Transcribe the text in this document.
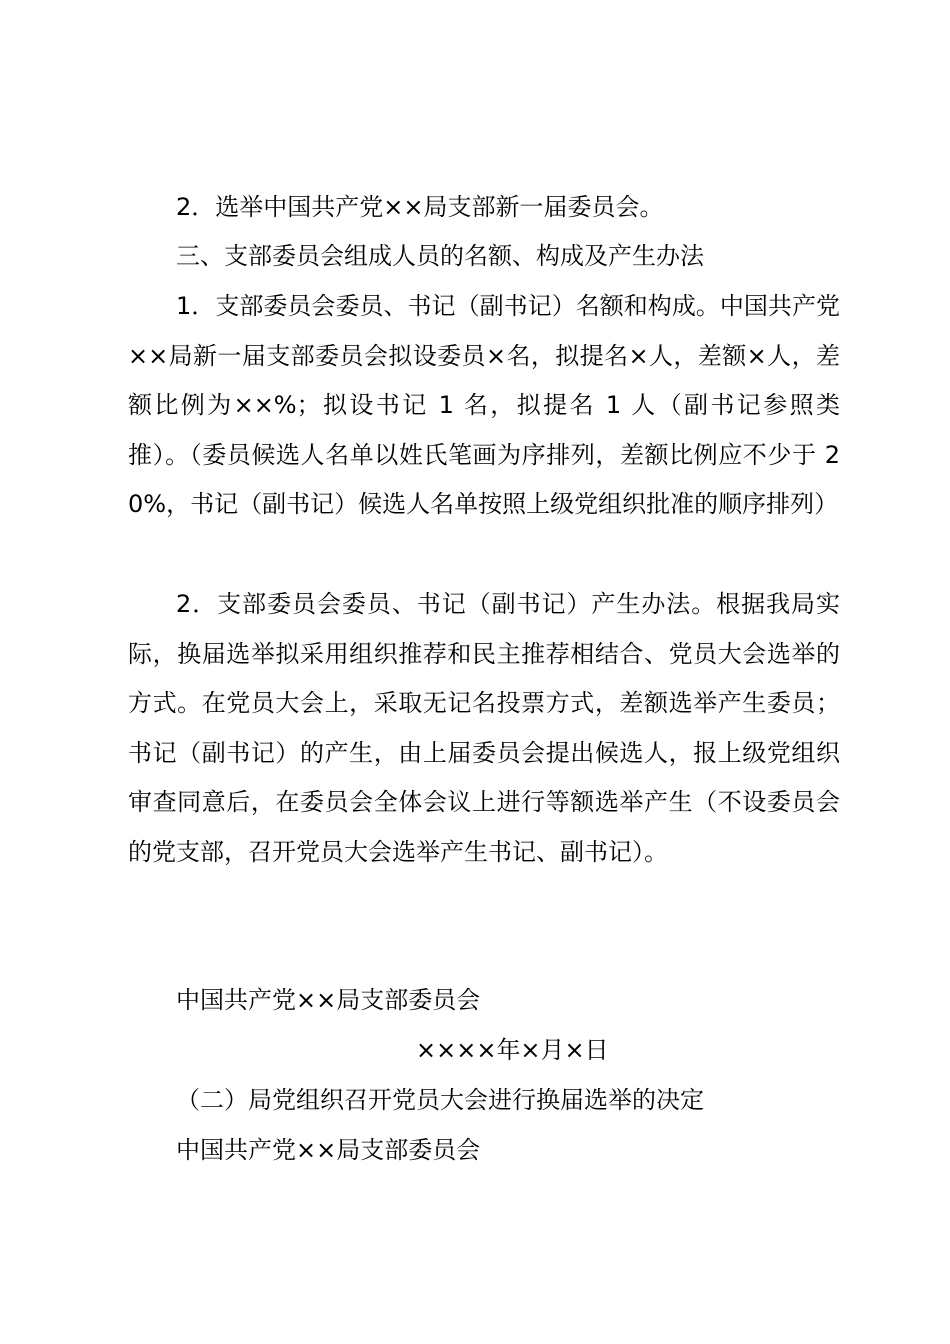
2．选举中国共产党××局支部新一届委员会。

三、支部委员会组成人员的名额、构成及产生办法

1．支部委员会委员、书记（副书记）名额和构成。中国共产党××局新一届支部委员会拟设委员×名，拟提名×人，差额×人，差额比例为××%；拟设书记 1 名，拟提名 1 人（副书记参照类推）。（委员候选人名单以姓氏笔画为序排列，差额比例应不少于 20%，书记（副书记）候选人名单按照上级党组织批准的顺序排列）

2．支部委员会委员、书记（副书记）产生办法。根据我局实际，换届选举拟采用组织推荐和民主推荐相结合、党员大会选举的方式。在党员大会上，采取无记名投票方式，差额选举产生委员；书记（副书记）的产生，由上届委员会提出候选人，报上级党组织审查同意后，在委员会全体会议上进行等额选举产生（不设委员会的党支部，召开党员大会选举产生书记、副书记）。

中国共产党××局支部委员会

××××年×月×日

（二）局党组织召开党员大会进行换届选举的决定

中国共产党××局支部委员会
